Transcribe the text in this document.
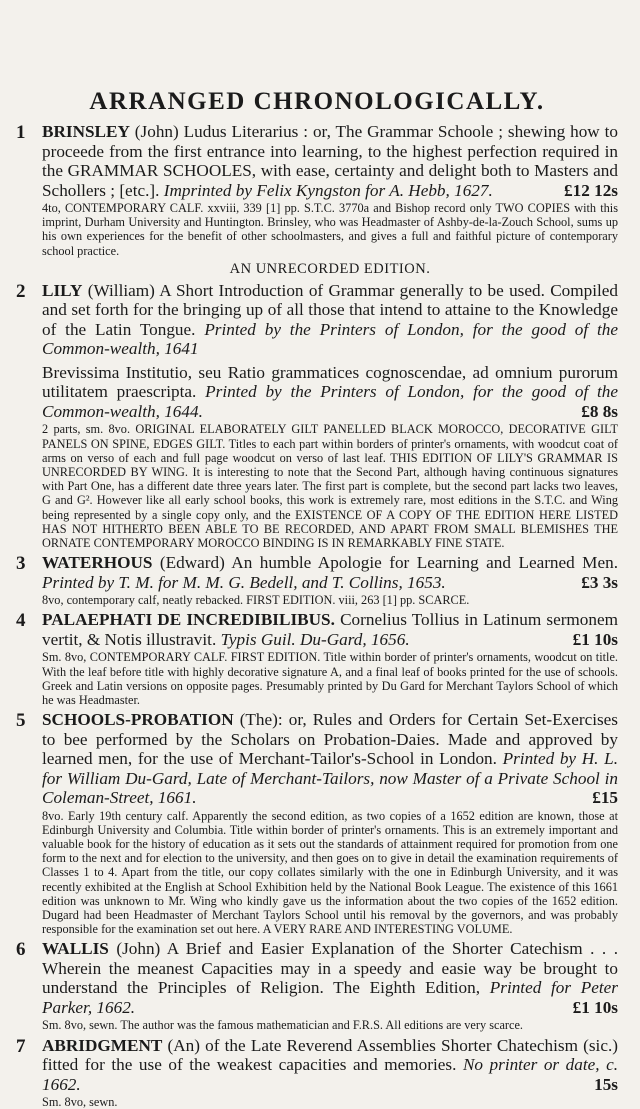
ARRANGED CHRONOLOGICALLY.
1 BRINSLEY (John) Ludus Literarius : or, The Grammar Schoole ; shewing how to proceede from the first entrance into learning, to the highest perfection required in the GRAMMAR SCHOOLES, with ease, certainty and delight both to Masters and Schollers ; [etc.]. Imprinted by Felix Kyngston for A. Hebb, 1627.	£12 12s

4to, CONTEMPORARY CALF. xxviii, 339 [1] pp. S.T.C. 3770a and Bishop record only TWO COPIES with this imprint, Durham University and Huntington. Brinsley, who was Headmaster of Ashby-de-la-Zouch School, sums up his own experiences for the benefit of other schoolmasters, and gives a full and faithful picture of contemporary school practice.

AN UNRECORDED EDITION.
2 LILY (William) A Short Introduction of Grammar generally to be used. Compiled and set forth for the bringing up of all those that intend to attaine to the Knowledge of the Latin Tongue. Printed by the Printers of London, for the good of the Common-wealth, 1641

Brevissima Institutio, seu Ratio grammatices cognoscendae, ad omnium purorum utilitatem praescripta. Printed by the Printers of London, for the good of the Common-wealth, 1644.	£8 8s

2 parts, sm. 8vo. ORIGINAL ELABORATELY GILT PANELLED BLACK MOROCCO, DECORATIVE GILT PANELS ON SPINE, EDGES GILT. Titles to each part within borders of printer's ornaments, with woodcut coat of arms on verso of each and full page woodcut on verso of last leaf. THIS EDITION OF LILY'S GRAMMAR IS UNRECORDED BY WING. It is interesting to note that the Second Part, although having continuous signatures with Part One, has a different date three years later. The first part is complete, but the second part lacks two leaves, G and G². However like all early school books, this work is extremely rare, most editions in the S.T.C. and Wing being represented by a single copy only, and the EXISTENCE OF A COPY OF THE EDITION HERE LISTED HAS NOT HITHERTO BEEN ABLE TO BE RECORDED, AND APART FROM SMALL BLEMISHES THE ORNATE CONTEMPORARY MOROCCO BINDING IS IN REMARKABLY FINE STATE.

3 WATERHOUS (Edward) An humble Apologie for Learning and Learned Men. Printed by T. M. for M. M. G. Bedell, and T. Collins, 1653.	£3 3s

8vo, contemporary calf, neatly rebacked. FIRST EDITION. viii, 263 [1] pp. SCARCE.

4 PALAEPHATI DE INCREDIBILIBUS. Cornelius Tollius in Latinum sermonem vertit, & Notis illustravit. Typis Guil. Du-Gard, 1656.	£1 10s

Sm. 8vo, CONTEMPORARY CALF. FIRST EDITION. Title within border of printer's ornaments, woodcut on title. With the leaf before title with highly decorative signature A, and a final leaf of books printed for the use of schools. Greek and Latin versions on opposite pages. Presumably printed by Du Gard for Merchant Taylors School of which he was Headmaster.

5 SCHOOLS-PROBATION (The): or, Rules and Orders for Certain Set-Exercises to bee performed by the Scholars on Probation-Daies. Made and approved by learned men, for the use of Merchant-Tailor's-School in London. Printed by H. L. for William Du-Gard, Late of Merchant-Tailors, now Master of a Private School in Coleman-Street, 1661.	£15

8vo. Early 19th century calf. Apparently the second edition, as two copies of a 1652 edition are known, those at Edinburgh University and Columbia. Title within border of printer's ornaments. This is an extremely important and valuable book for the history of education as it sets out the standards of attainment required for promotion from one form to the next and for election to the university, and then goes on to give in detail the examination requirements of Classes 1 to 4. Apart from the title, our copy collates similarly with the one in Edinburgh University, and it was recently exhibited at the English at School Exhibition held by the National Book League. The existence of this 1661 edition was unknown to Mr. Wing who kindly gave us the information about the two copies of the 1652 edition. Dugard had been Headmaster of Merchant Taylors School until his removal by the governors, and was probably responsible for the examination set out here. A VERY RARE AND INTERESTING VOLUME.

6 WALLIS (John) A Brief and Easier Explanation of the Shorter Catechism . . . Wherein the meanest Capacities may in a speedy and easie way be brought to understand the Principles of Religion. The Eighth Edition, Printed for Peter Parker, 1662.	£1 10s

Sm. 8vo, sewn. The author was the famous mathematician and F.R.S. All editions are very scarce.

7 ABRIDGMENT (An) of the Late Reverend Assemblies Shorter Chatechism (sic.) fitted for the use of the weakest capacities and memories. No printer or date, c. 1662.	15s

Sm. 8vo, sewn.
